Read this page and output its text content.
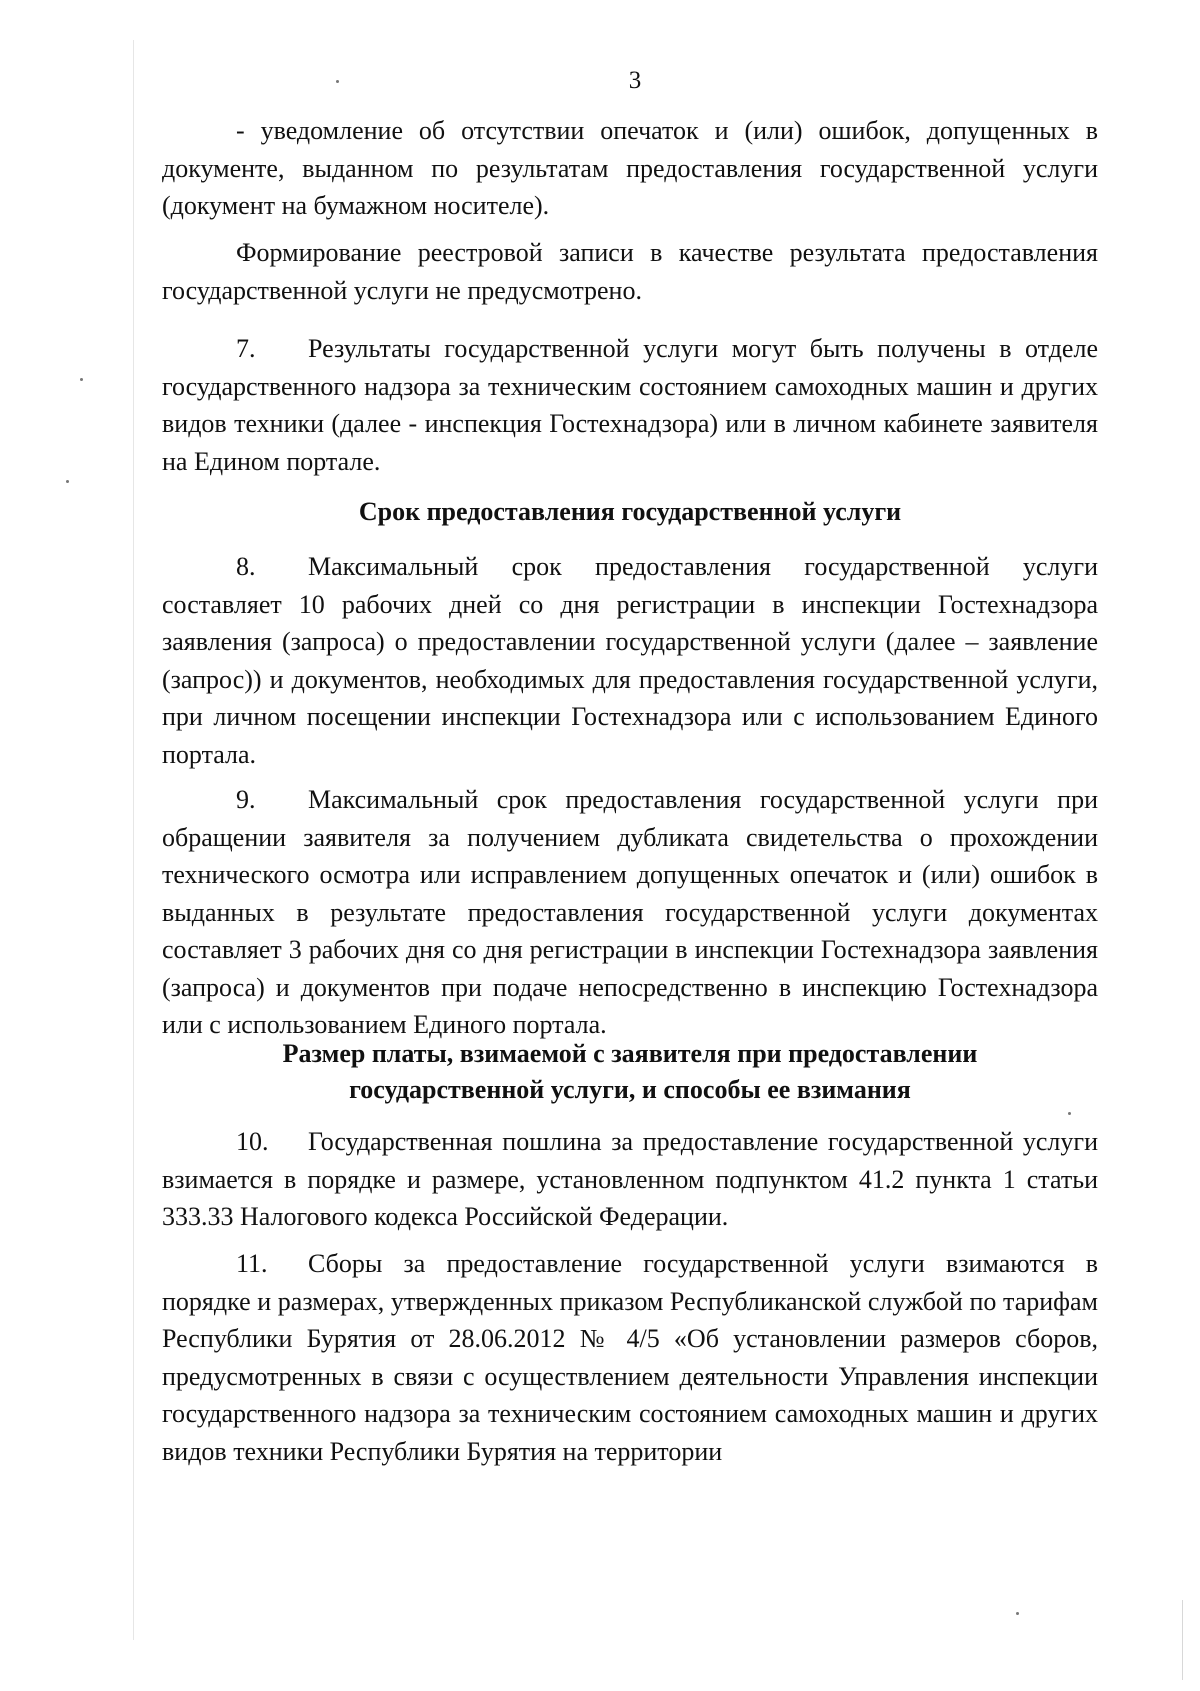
3

- уведомление об отсутствии опечаток и (или) ошибок, допущенных в документе, выданном по результатам предоставления государственной услуги (документ на бумажном носителе).

Формирование реестровой записи в качестве результата предоставления государственной услуги не предусмотрено.

7. Результаты государственной услуги могут быть получены в отделе государственного надзора за техническим состоянием самоходных машин и других видов техники (далее - инспекция Гостехнадзора) или в личном кабинете заявителя на Едином портале.

Срок предоставления государственной услуги

8. Максимальный срок предоставления государственной услуги составляет 10 рабочих дней со дня регистрации в инспекции Гостехнадзора заявления (запроса) о предоставлении государственной услуги (далее – заявление (запрос)) и документов, необходимых для предоставления государственной услуги, при личном посещении инспекции Гостехнадзора или с использованием Единого портала.

9. Максимальный срок предоставления государственной услуги при обращении заявителя за получением дубликата свидетельства о прохождении технического осмотра или исправлением допущенных опечаток и (или) ошибок в выданных в результате предоставления государственной услуги документах составляет 3 рабочих дня со дня регистрации в инспекции Гостехнадзора заявления (запроса) и документов при подаче непосредственно в инспекцию Гостехнадзора или с использованием Единого портала.

Размер платы, взимаемой с заявителя при предоставлении
государственной услуги, и способы ее взимания

10. Государственная пошлина за предоставление государственной услуги взимается в порядке и размере, установленном подпунктом 41.2 пункта 1 статьи 333.33 Налогового кодекса Российской Федерации.

11. Сборы за предоставление государственной услуги взимаются в порядке и размерах, утвержденных приказом Республиканской службой по тарифам Республики Бурятия от 28.06.2012 № 4/5 «Об установлении размеров сборов, предусмотренных в связи с осуществлением деятельности Управления инспекции государственного надзора за техническим состоянием самоходных машин и других видов техники Республики Бурятия на территории
